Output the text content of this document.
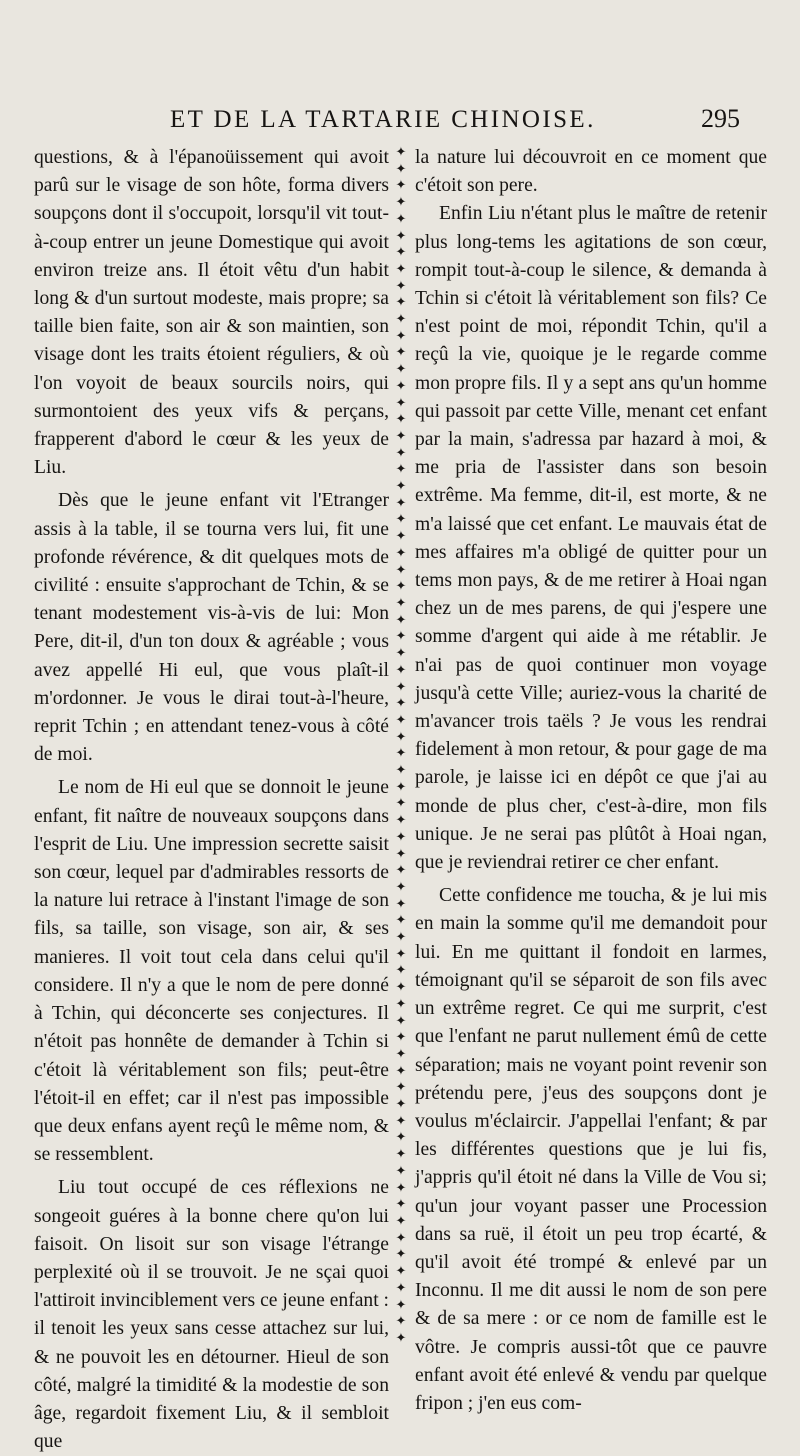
ET DE LA TARTARIE CHINOISE.	295

questions, & à l'épanoüissement qui avoit parû sur le visage de son hôte, forma divers soupçons dont il s'occupoit, lorsqu'il vit tout-à-coup entrer un jeune Domestique qui avoit environ treize ans. Il étoit vêtu d'un habit long & d'un surtout modeste, mais propre; sa taille bien faite, son air & son maintien, son visage dont les traits étoient réguliers, & où l'on voyoit de beaux sourcils noirs, qui surmontoient des yeux vifs & perçans, frapperent d'abord le cœur & les yeux de Liu.

Dès que le jeune enfant vit l'Etranger assis à la table, il se tourna vers lui, fit une profonde révérence, & dit quelques mots de civilité : ensuite s'approchant de Tchin, & se tenant modestement vis-à-vis de lui: Mon Pere, dit-il, d'un ton doux & agréable ; vous avez appellé Hi eul, que vous plaît-il m'ordonner. Je vous le dirai tout-à-l'heure, reprit Tchin ; en attendant tenez-vous à côté de moi.

Le nom de Hi eul que se donnoit le jeune enfant, fit naître de nouveaux soupçons dans l'esprit de Liu. Une impression secrette saisit son cœur, lequel par d'admirables ressorts de la nature lui retrace à l'instant l'image de son fils, sa taille, son visage, son air, & ses manieres. Il voit tout cela dans celui qu'il considere. Il n'y a que le nom de pere donné à Tchin, qui déconcerte ses conjectures. Il n'étoit pas honnête de demander à Tchin si c'étoit là véritablement son fils; peut-être l'étoit-il en effet; car il n'est pas impossible que deux enfans ayent reçû le même nom, & se ressemblent.

Liu tout occupé de ces réflexions ne songeoit guéres à la bonne chere qu'on lui faisoit. On lisoit sur son visage l'étrange perplexité où il se trouvoit. Je ne sçai quoi l'attiroit invinciblement vers ce jeune enfant : il tenoit les yeux sans cesse attachez sur lui, & ne pouvoit les en détourner. Hieul de son côté, malgré la timidité & la modestie de son âge, regardoit fixement Liu, & il sembloit que

✦
✦
✦
✦
✦
✦
✦
✦
✦
✦
✦
✦
✦
✦
✦
✦
✦
✦
✦
✦
✦
✦
✦
✦
✦
✦
✦
✦
✦
✦
✦
✦
✦
✦
✦
✦
✦
✦
✦
✦
✦
✦
✦
✦
✦
✦
✦
✦
✦
✦
✦
✦
✦
✦
✦
✦
✦
✦
✦
✦
✦
✦
✦
✦
✦
✦
✦
✦
✦
✦
✦
✦

la nature lui découvroit en ce moment que c'étoit son pere.

Enfin Liu n'étant plus le maître de retenir plus long-tems les agitations de son cœur, rompit tout-à-coup le silence, & demanda à Tchin si c'étoit là véritablement son fils? Ce n'est point de moi, répondit Tchin, qu'il a reçû la vie, quoique je le regarde comme mon propre fils. Il y a sept ans qu'un homme qui passoit par cette Ville, menant cet enfant par la main, s'adressa par hazard à moi, & me pria de l'assister dans son besoin extrême. Ma femme, dit-il, est morte, & ne m'a laissé que cet enfant. Le mauvais état de mes affaires m'a obligé de quitter pour un tems mon pays, & de me retirer à Hoai ngan chez un de mes parens, de qui j'espere une somme d'argent qui aide à me rétablir. Je n'ai pas de quoi continuer mon voyage jusqu'à cette Ville; auriez-vous la charité de m'avancer trois taëls ? Je vous les rendrai fidelement à mon retour, & pour gage de ma parole, je laisse ici en dépôt ce que j'ai au monde de plus cher, c'est-à-dire, mon fils unique. Je ne serai pas plûtôt à Hoai ngan, que je reviendrai retirer ce cher enfant.

Cette confidence me toucha, & je lui mis en main la somme qu'il me demandoit pour lui. En me quittant il fondoit en larmes, témoignant qu'il se séparoit de son fils avec un extrême regret. Ce qui me surprit, c'est que l'enfant ne parut nullement émû de cette séparation; mais ne voyant point revenir son prétendu pere, j'eus des soupçons dont je voulus m'éclaircir. J'appellai l'enfant; & par les différentes questions que je lui fis, j'appris qu'il étoit né dans la Ville de Vou si; qu'un jour voyant passer une Procession dans sa ruë, il étoit un peu trop écarté, & qu'il avoit été trompé & enlevé par un Inconnu. Il me dit aussi le nom de son pere & de sa mere : or ce nom de famille est le vôtre. Je compris aussi-tôt que ce pauvre enfant avoit été enlevé & vendu par quelque fripon ; j'en eus com-
